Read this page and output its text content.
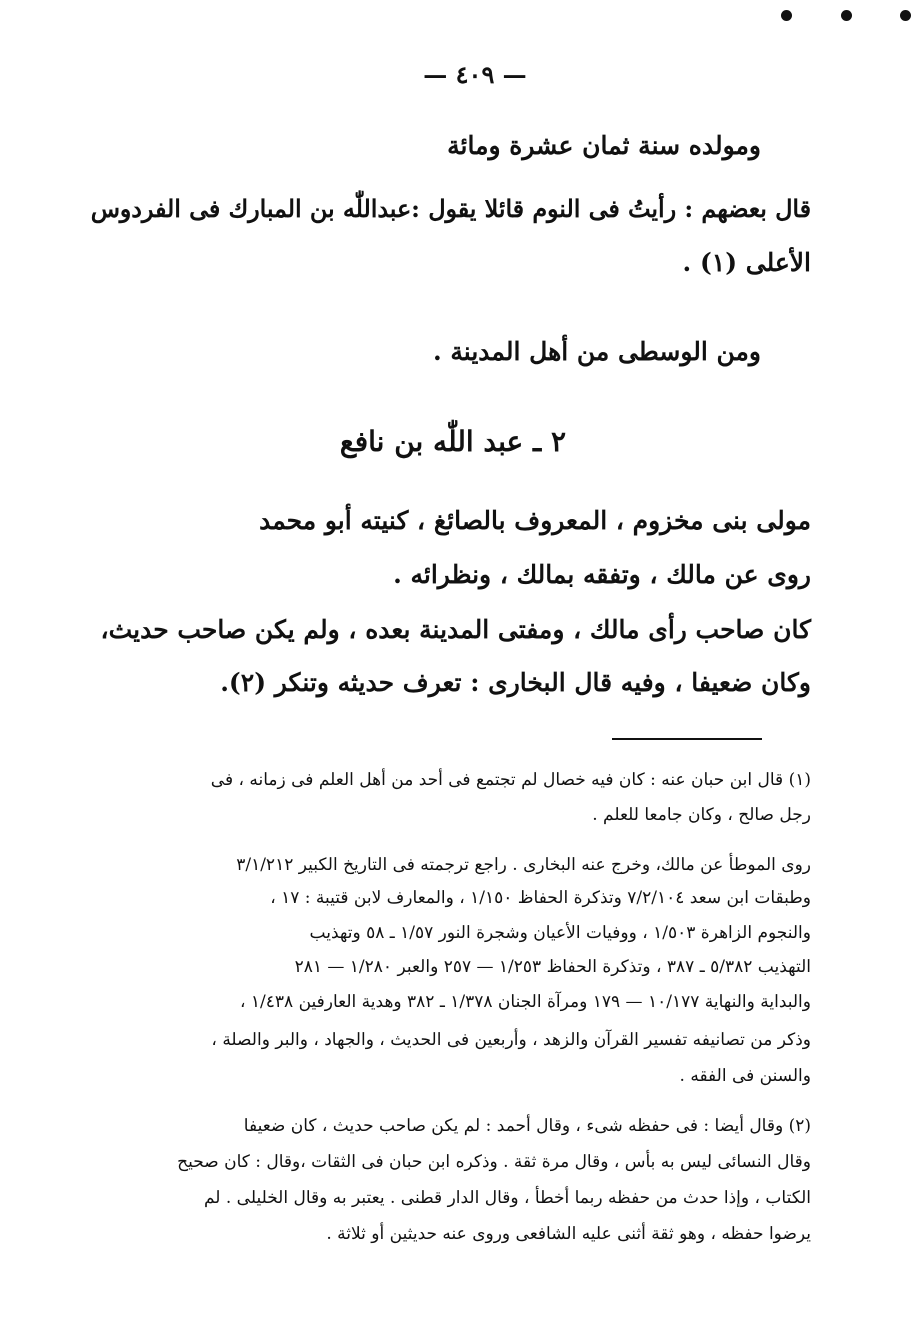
— ٤٠٩ —
ومولده سنة ثمان عشرة ومائة
قال بعضهم : رأيتُ فى النوم قائلا يقول :عبداللّٰه بن المبارك فى الفردوس
الأعلى (١) .
ومن الوسطى من أهل المدينة .
٢ ـ عبد اللّٰه بن نافع
مولى بنى مخزوم ، المعروف بالصائغ ، كنيته أبو محمد
روى عن مالك ، وتفقه بمالك ، ونظرائه .
كان صاحب رأى مالك ، ومفتى المدينة بعده ، ولم يكن صاحب حديث،
وكان ضعيفا ، وفيه قال البخارى : تعرف حديثه وتنكر (٢).
(١) قال ابن حبان عنه : كان فيه خصال لم تجتمع فى أحد من أهل العلم فى زمانه ، فى
رجل صالح ، وكان جامعا للعلم .
روى الموطأ عن مالك، وخرج عنه البخارى . راجع ترجمته فى التاريخ الكبير ٣/١/٢١٢
وطبقات ابن سعد ٧/٢/١٠٤ وتذكرة الحفاظ ١/١٥٠ ، والمعارف لابن قتيبة : ١٧ ،
والنجوم الزاهرة ١/٥٠٣ ، ووفيات الأعيان وشجرة النور ١/٥٧ ـ ٥٨ وتهذيب
التهذيب ٥/٣٨٢ ـ ٣٨٧ ، وتذكرة الحفاظ ١/٢٥٣ — ٢٥٧ والعبر ١/٢٨٠ — ٢٨١
والبداية والنهاية ١٠/١٧٧ — ١٧٩ ومرآة الجنان ١/٣٧٨ ـ ٣٨٢ وهدية العارفين ١/٤٣٨ ،
وذكر من تصانيفه تفسير القرآن والزهد ، وأربعين فى الحديث ، والجهاد ، والبر والصلة ،
والسنن فى الفقه .
(٢) وقال أيضا : فى حفظه شىء ، وقال أحمد : لم يكن صاحب حديث ، كان ضعيفا
وقال النسائى ليس به بأس ، وقال مرة ثقة . وذكره ابن حبان فى الثقات ،وقال : كان صحيح
الكتاب ، وإذا حدث من حفظه ربما أخطأ ، وقال الدار قطنى . يعتبر به وقال الخليلى . لم
يرضوا حفظه ، وهو ثقة أثنى عليه الشافعى وروى عنه حديثين أو ثلاثة .
